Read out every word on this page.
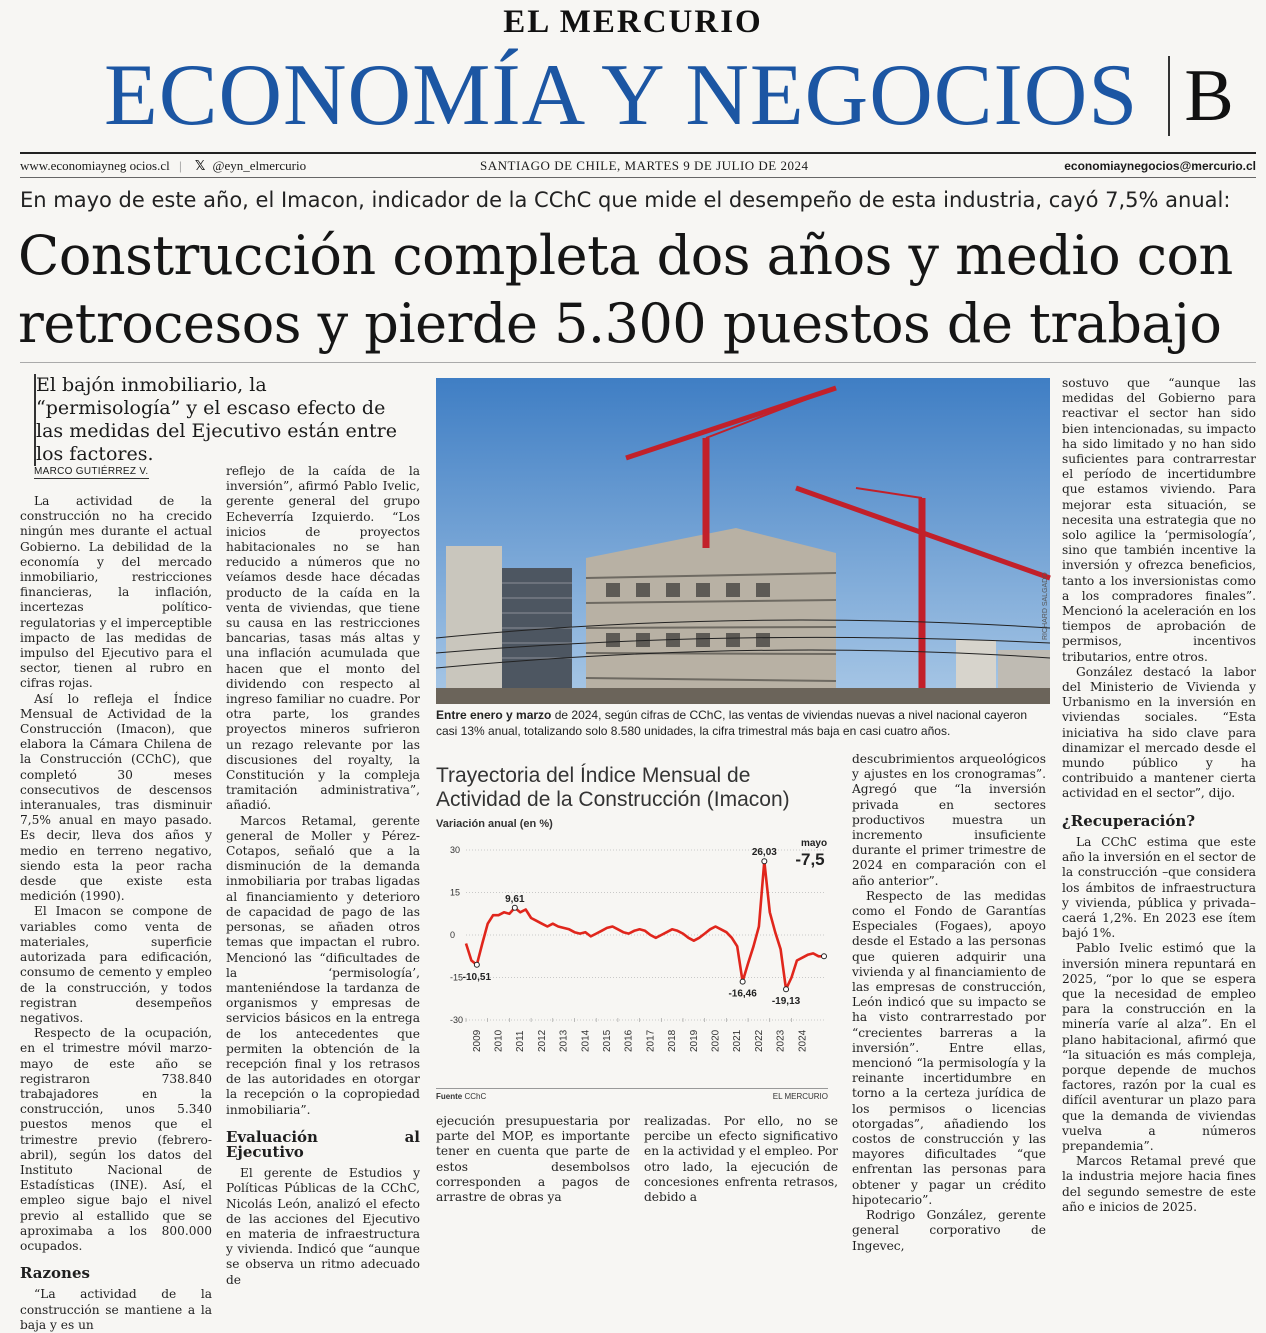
EL MERCURIO
ECONOMÍA Y NEGOCIOS B
www.economiayneg ocios.cl | 𝕏 @eyn_elmercurio	SANTIAGO DE CHILE, MARTES 9 DE JULIO DE 2024	economiaynegocios@mercurio.cl
En mayo de este año, el Imacon, indicador de la CChC que mide el desempeño de esta industria, cayó 7,5% anual:
Construcción completa dos años y medio con
retrocesos y pierde 5.300 puestos de trabajo
El bajón inmobiliario, la “permisología” y el escaso efecto de las medidas del Ejecutivo están entre los factores.
MARCO GUTIÉRREZ V.

La actividad de la construcción no ha crecido ningún mes durante el actual Gobierno. La debilidad de la economía y del mercado inmobiliario, restricciones financieras, la inflación, incertezas político-regulatorias y el imperceptible impacto de las medidas de impulso del Ejecutivo para el sector, tienen al rubro en cifras rojas.

Así lo refleja el Índice Mensual de Actividad de la Construcción (Imacon), que elabora la Cámara Chilena de la Construcción (CChC), que completó 30 meses consecutivos de descensos interanuales, tras disminuir 7,5% anual en mayo pasado. Es decir, lleva dos años y medio en terreno negativo, siendo esta la peor racha desde que existe esta medición (1990).

El Imacon se compone de variables como venta de materiales, superficie autorizada para edificación, consumo de cemento y empleo de la construcción, y todos registran desempeños negativos.

Respecto de la ocupación, en el trimestre móvil marzo-mayo de este año se registraron 738.840 trabajadores en la construcción, unos 5.340 puestos menos que el trimestre previo (febrero-abril), según los datos del Instituto Nacional de Estadísticas (INE). Así, el empleo sigue bajo el nivel previo al estallido que se aproximaba a los 800.000 ocupados.

Razones

“La actividad de la construcción se mantiene a la baja y es un

reflejo de la caída de la inversión”, afirmó Pablo Ivelic, gerente general del grupo Echeverría Izquierdo. “Los inicios de proyectos habitacionales no se han reducido a números que no veíamos desde hace décadas producto de la caída en la venta de viviendas, que tiene su causa en las restricciones bancarias, tasas más altas y una inflación acumulada que hacen que el monto del dividendo con respecto al ingreso familiar no cuadre. Por otra parte, los grandes proyectos mineros sufrieron un rezago relevante por las discusiones del royalty, la Constitución y la compleja tramitación administrativa”, añadió.

Marcos Retamal, gerente general de Moller y Pérez-Cotapos, señaló que a la disminución de la demanda inmobiliaria por trabas ligadas al financiamiento y deterioro de capacidad de pago de las personas, se añaden otros temas que impactan el rubro. Mencionó las “dificultades de la ‘permisología’, manteniéndose la tardanza de organismos y empresas de servicios básicos en la entrega de los antecedentes que permiten la obtención de la recepción final y los retrasos de las autoridades en otorgar la recepción o la copropiedad inmobiliaria”.

Evaluación al Ejecutivo

El gerente de Estudios y Políticas Públicas de la CChC, Nicolás León, analizó el efecto de las acciones del Ejecutivo en materia de infraestructura y vivienda. Indicó que “aunque se observa un ritmo adecuado de

RICHARD SALGADO
Entre enero y marzo de 2024, según cifras de CChC, las ventas de viviendas nuevas a nivel nacional cayeron casi 13% anual, totalizando solo 8.580 unidades, la cifra trimestral más baja en casi cuatro años.
Trayectoria del Índice Mensual de Actividad de la Construcción (Imacon)
Variación anual (en %)
30
15
0
-15
-30
2009 2010 2011 2012 2013 2014 2015 2016 2017 2018 2019 2020 2021 2022 2023 2024
-10,51
9,61
26,03
-16,46
-19,13
mayo
-7,5
Fuente CChC	EL MERCURIO

ejecución presupuestaria por parte del MOP, es importante tener en cuenta que parte de estos desembolsos corresponden a pagos de arrastre de obras ya

realizadas. Por ello, no se percibe un efecto significativo en la actividad y el empleo. Por otro lado, la ejecución de concesiones enfrenta retrasos, debido a

descubrimientos arqueológicos y ajustes en los cronogramas”. Agregó que “la inversión privada en sectores productivos muestra un incremento insuficiente durante el primer trimestre de 2024 en comparación con el año anterior”.

Respecto de las medidas como el Fondo de Garantías Especiales (Fogaes), apoyo desde el Estado a las personas que quieren adquirir una vivienda y al financiamiento de las empresas de construcción, León indicó que su impacto se ha visto contrarrestado por “crecientes barreras a la inversión”. Entre ellas, mencionó “la permisología y la reinante incertidumbre en torno a la certeza jurídica de los permisos o licencias otorgadas”, añadiendo los costos de construcción y las mayores dificultades “que enfrentan las personas para obtener y pagar un crédito hipotecario”.

Rodrigo González, gerente general corporativo de Ingevec,

sostuvo que “aunque las medidas del Gobierno para reactivar el sector han sido bien intencionadas, su impacto ha sido limitado y no han sido suficientes para contrarrestar el período de incertidumbre que estamos viviendo. Para mejorar esta situación, se necesita una estrategia que no solo agilice la ‘permisología’, sino que también incentive la inversión y ofrezca beneficios, tanto a los inversionistas como a los compradores finales”. Mencionó la aceleración en los tiempos de aprobación de permisos, incentivos tributarios, entre otros.

González destacó la labor del Ministerio de Vivienda y Urbanismo en la inversión en viviendas sociales. “Esta iniciativa ha sido clave para dinamizar el mercado desde el mundo público y ha contribuido a mantener cierta actividad en el sector”, dijo.

¿Recuperación?

La CChC estima que este año la inversión en el sector de la construcción –que considera los ámbitos de infraestructura y vivienda, pública y privada– caerá 1,2%. En 2023 ese ítem bajó 1%.

Pablo Ivelic estimó que la inversión minera repuntará en 2025, “por lo que se espera que la necesidad de empleo para la construcción en la minería varíe al alza”. En el plano habitacional, afirmó que “la situación es más compleja, porque depende de muchos factores, razón por la cual es difícil aventurar un plazo para que la demanda de viviendas vuelva a números prepandemia”.

Marcos Retamal prevé que la industria mejore hacia fines del segundo semestre de este año e inicios de 2025.
